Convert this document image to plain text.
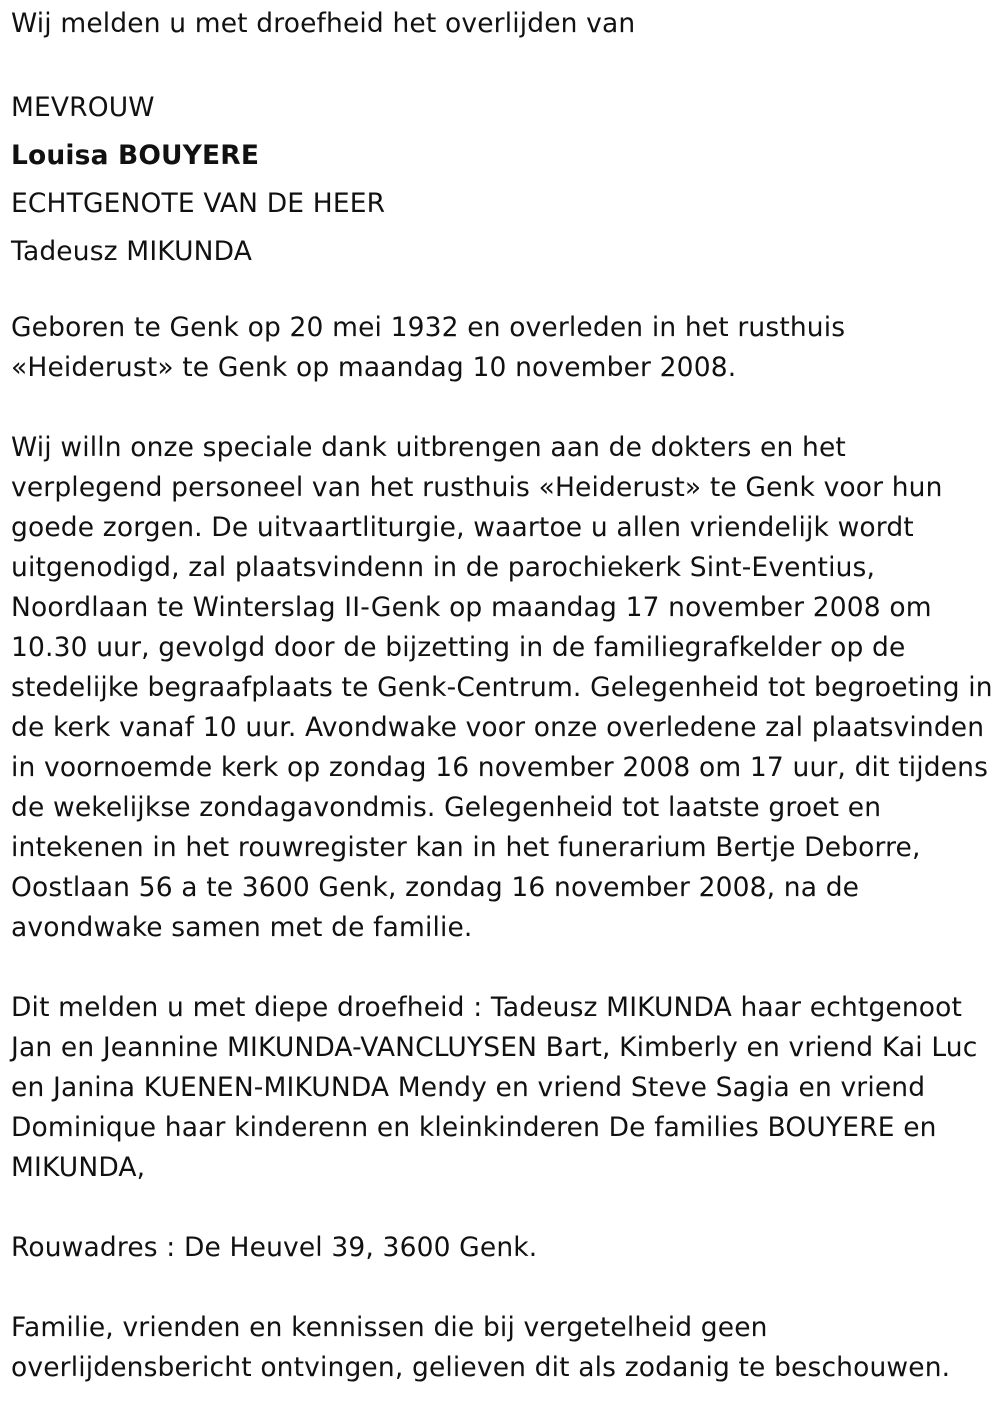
Wij melden u met droefheid het overlijden van

MEVROUW

Louisa BOUYERE

ECHTGENOTE VAN DE HEER

Tadeusz MIKUNDA

Geboren te Genk op 20 mei 1932 en overleden in het rusthuis

«Heiderust» te Genk op maandag 10 november 2008.

Wij willn onze speciale dank uitbrengen aan de dokters en het

verplegend personeel van het rusthuis «Heiderust» te Genk voor hun

goede zorgen. De uitvaartliturgie, waartoe u allen vriendelijk wordt

uitgenodigd, zal plaatsvindenn in de parochiekerk Sint-Eventius,

Noordlaan te Winterslag II-Genk op maandag 17 november 2008 om

10.30 uur, gevolgd door de bijzetting in de familiegrafkelder op de

stedelijke begraafplaats te Genk-Centrum. Gelegenheid tot begroeting in

de kerk vanaf 10 uur. Avondwake voor onze overledene zal plaatsvinden

in voornoemde kerk op zondag 16 november 2008 om 17 uur, dit tijdens

de wekelijkse zondagavondmis. Gelegenheid tot laatste groet en

intekenen in het rouwregister kan in het funerarium Bertje Deborre,

Oostlaan 56 a te 3600 Genk, zondag 16 november 2008, na de

avondwake samen met de familie.

Dit melden u met diepe droefheid : Tadeusz MIKUNDA haar echtgenoot

Jan en Jeannine MIKUNDA-VANCLUYSEN Bart, Kimberly en vriend Kai Luc

en Janina KUENEN-MIKUNDA Mendy en vriend Steve Sagia en vriend

Dominique haar kinderenn en kleinkinderen De families BOUYERE en

MIKUNDA,

Rouwadres : De Heuvel 39, 3600 Genk.

Familie, vrienden en kennissen die bij vergetelheid geen

overlijdensbericht ontvingen, gelieven dit als zodanig te beschouwen.
